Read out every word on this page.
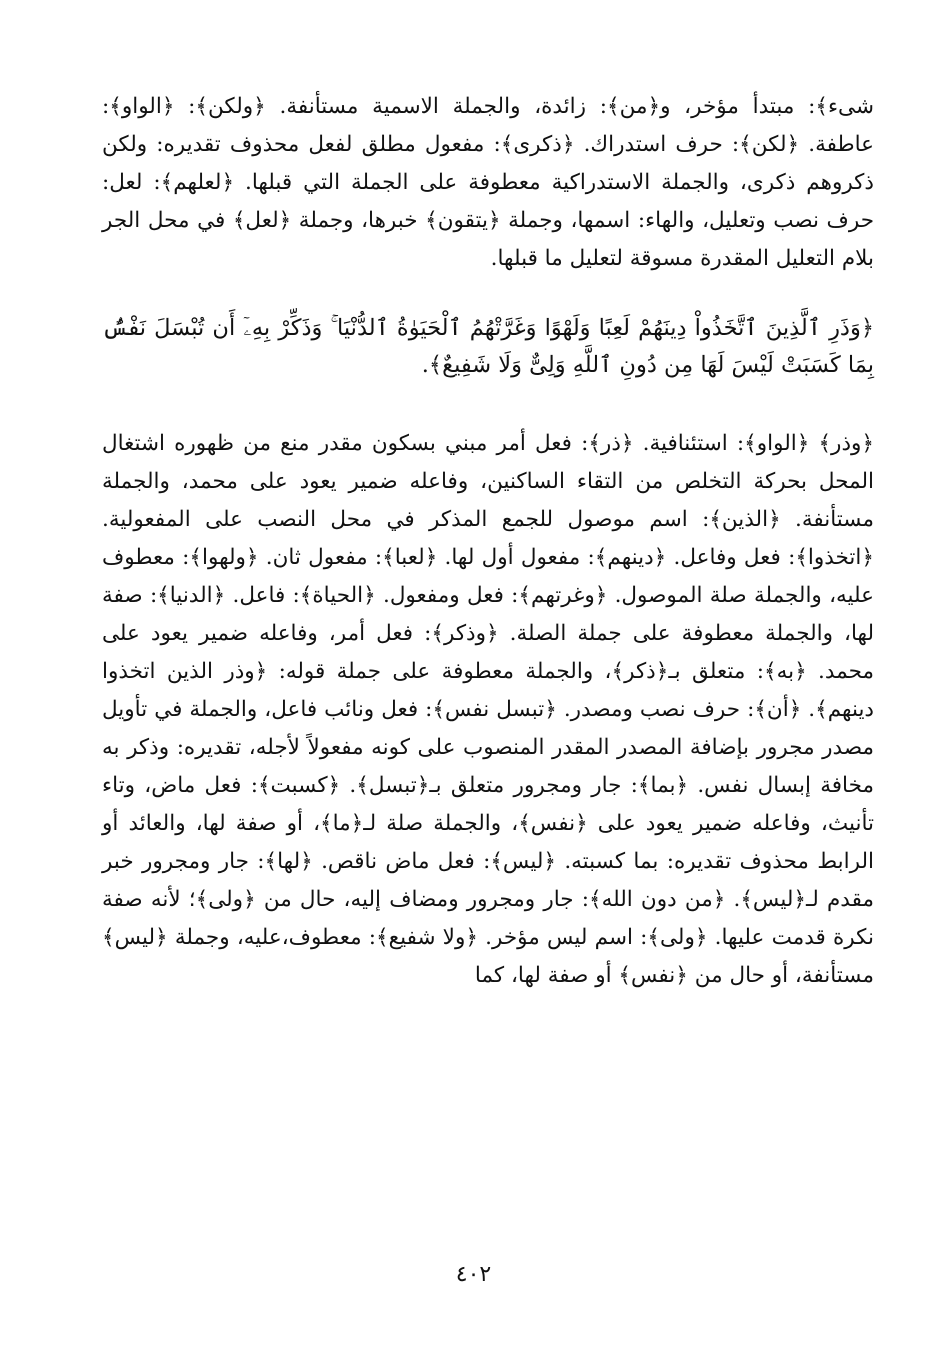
شىء﴾: مبتدأ مؤخر، و﴿من﴾: زائدة، والجملة الاسمية مستأنفة. ﴿ولكن﴾: ﴿الواو﴾: عاطفة. ﴿لكن﴾: حرف استدراك. ﴿ذكرى﴾: مفعول مطلق لفعل محذوف تقديره: ولكن ذكروهم ذكرى، والجملة الاستدراكية معطوفة على الجملة التي قبلها. ﴿لعلهم﴾: لعل: حرف نصب وتعليل، والهاء: اسمها، وجملة ﴿يتقون﴾ خبرها، وجملة ﴿لعل﴾ في محل الجر بلام التعليل المقدرة مسوقة لتعليل ما قبلها.

﴿وَذَرِ ٱلَّذِينَ ٱتَّخَذُواْ دِينَهُمْ لَعِبًا وَلَهْوًا وَغَرَّتْهُمُ ٱلْحَيَوٰةُ ٱلدُّنْيَا ۚ وَذَكِّرْ بِهِۦٓ أَن تُبْسَلَ نَفْسٌۢ بِمَا كَسَبَتْ لَيْسَ لَهَا مِن دُونِ ٱللَّهِ وَلِىٌّ وَلَا شَفِيعٌ﴾.

﴿وذر﴾ ﴿الواو﴾: استئنافية. ﴿ذر﴾: فعل أمر مبني بسكون مقدر منع من ظهوره اشتغال المحل بحركة التخلص من التقاء الساكنين، وفاعله ضمير يعود على محمد، والجملة مستأنفة. ﴿الذين﴾: اسم موصول للجمع المذكر في محل النصب على المفعولية. ﴿اتخذوا﴾: فعل وفاعل. ﴿دينهم﴾: مفعول أول لها. ﴿لعبا﴾: مفعول ثان. ﴿ولهوا﴾: معطوف عليه، والجملة صلة الموصول. ﴿وغرتهم﴾: فعل ومفعول. ﴿الحياة﴾: فاعل. ﴿الدنيا﴾: صفة لها، والجملة معطوفة على جملة الصلة. ﴿وذكر﴾: فعل أمر، وفاعله ضمير يعود على محمد. ﴿به﴾: متعلق بـ﴿ذكر﴾، والجملة معطوفة على جملة قوله: ﴿وذر الذين اتخذوا دينهم﴾. ﴿أن﴾: حرف نصب ومصدر. ﴿تبسل نفس﴾: فعل ونائب فاعل، والجملة في تأويل مصدر مجرور بإضافة المصدر المقدر المنصوب على كونه مفعولاً لأجله، تقديره: وذكر به مخافة إبسال نفس. ﴿بما﴾: جار ومجرور متعلق بـ﴿تبسل﴾. ﴿كسبت﴾: فعل ماض، وتاء تأنيث، وفاعله ضمير يعود على ﴿نفس﴾، والجملة صلة لـ﴿ما﴾، أو صفة لها، والعائد أو الرابط محذوف تقديره: بما كسبته. ﴿ليس﴾: فعل ماض ناقص. ﴿لها﴾: جار ومجرور خبر مقدم لـ﴿ليس﴾. ﴿من دون الله﴾: جار ومجرور ومضاف إليه، حال من ﴿ولى﴾؛ لأنه صفة نكرة قدمت عليها. ﴿ولى﴾: اسم ليس مؤخر. ﴿ولا شفيع﴾: معطوف،عليه، وجملة ﴿ليس﴾ مستأنفة، أو حال من ﴿نفس﴾ أو صفة لها، كما

٤٠٢
